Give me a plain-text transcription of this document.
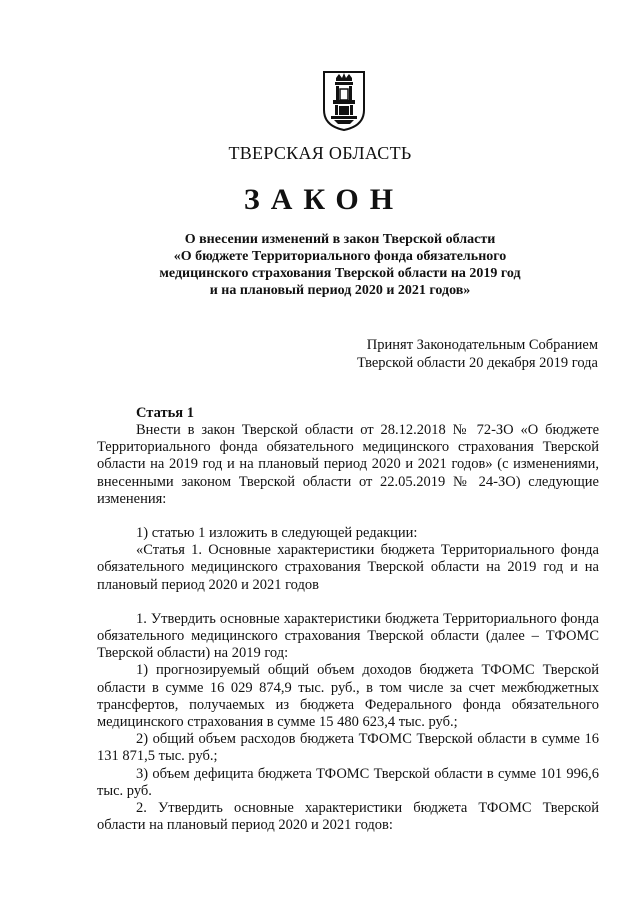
ТВЕРСКАЯ ОБЛАСТЬ
ЗАКОН
О внесении изменений в закон Тверской области
«О бюджете Территориального фонда обязательного
медицинского страхования Тверской области на 2019 год
и на плановый период 2020 и 2021 годов»
Принят Законодательным Собранием
Тверской области 20 декабря 2019 года
Статья 1

Внести в закон Тверской области от 28.12.2018 № 72-ЗО «О бюджете Территориального фонда обязательного медицинского страхования Тверской области на 2019 год и на плановый период 2020 и 2021 годов» (с изменениями, внесенными законом Тверской области от 22.05.2019 № 24-ЗО) следующие изменения:

1) статью 1 изложить в следующей редакции:

«Статья 1. Основные характеристики бюджета Территориального фонда обязательного медицинского страхования Тверской области на 2019 год и на плановый период 2020 и 2021 годов

1. Утвердить основные характеристики бюджета Территориального фонда обязательного медицинского страхования Тверской области (далее – ТФОМС Тверской области) на 2019 год:

1) прогнозируемый общий объем доходов бюджета ТФОМС Тверской области в сумме 16 029 874,9 тыс. руб., в том числе за счет межбюджетных трансфертов, получаемых из бюджета Федерального фонда обязательного медицинского страхования в сумме 15 480 623,4 тыс. руб.;

2) общий объем расходов бюджета ТФОМС Тверской области в сумме 16 131 871,5 тыс. руб.;

3) объем дефицита бюджета ТФОМС Тверской области в сумме 101 996,6 тыс. руб.

2. Утвердить основные характеристики бюджета ТФОМС Тверской области на плановый период 2020 и 2021 годов:
